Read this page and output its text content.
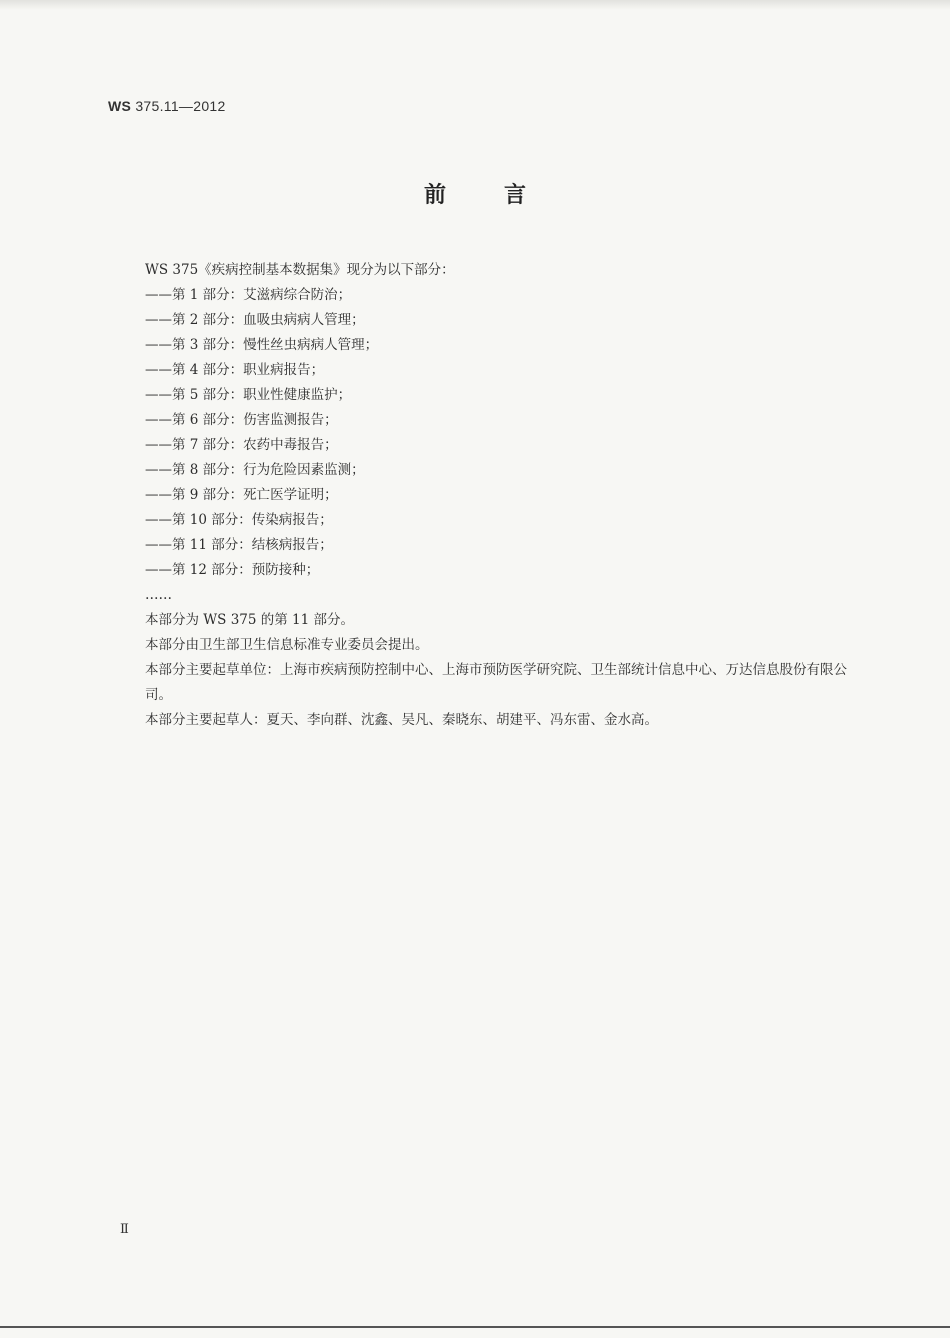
WS 375.11—2012
前言
WS 375《疾病控制基本数据集》现分为以下部分：
——第 1 部分：艾滋病综合防治；
——第 2 部分：血吸虫病病人管理；
——第 3 部分：慢性丝虫病病人管理；
——第 4 部分：职业病报告；
——第 5 部分：职业性健康监护；
——第 6 部分：伤害监测报告；
——第 7 部分：农药中毒报告；
——第 8 部分：行为危险因素监测；
——第 9 部分：死亡医学证明；
——第 10 部分：传染病报告；
——第 11 部分：结核病报告；
——第 12 部分：预防接种；
……
本部分为 WS 375 的第 11 部分。
本部分由卫生部卫生信息标准专业委员会提出。
本部分主要起草单位：上海市疾病预防控制中心、上海市预防医学研究院、卫生部统计信息中心、万达信息股份有限公司。
本部分主要起草人：夏天、李向群、沈鑫、吴凡、秦晓东、胡建平、冯东雷、金水高。
Ⅱ
